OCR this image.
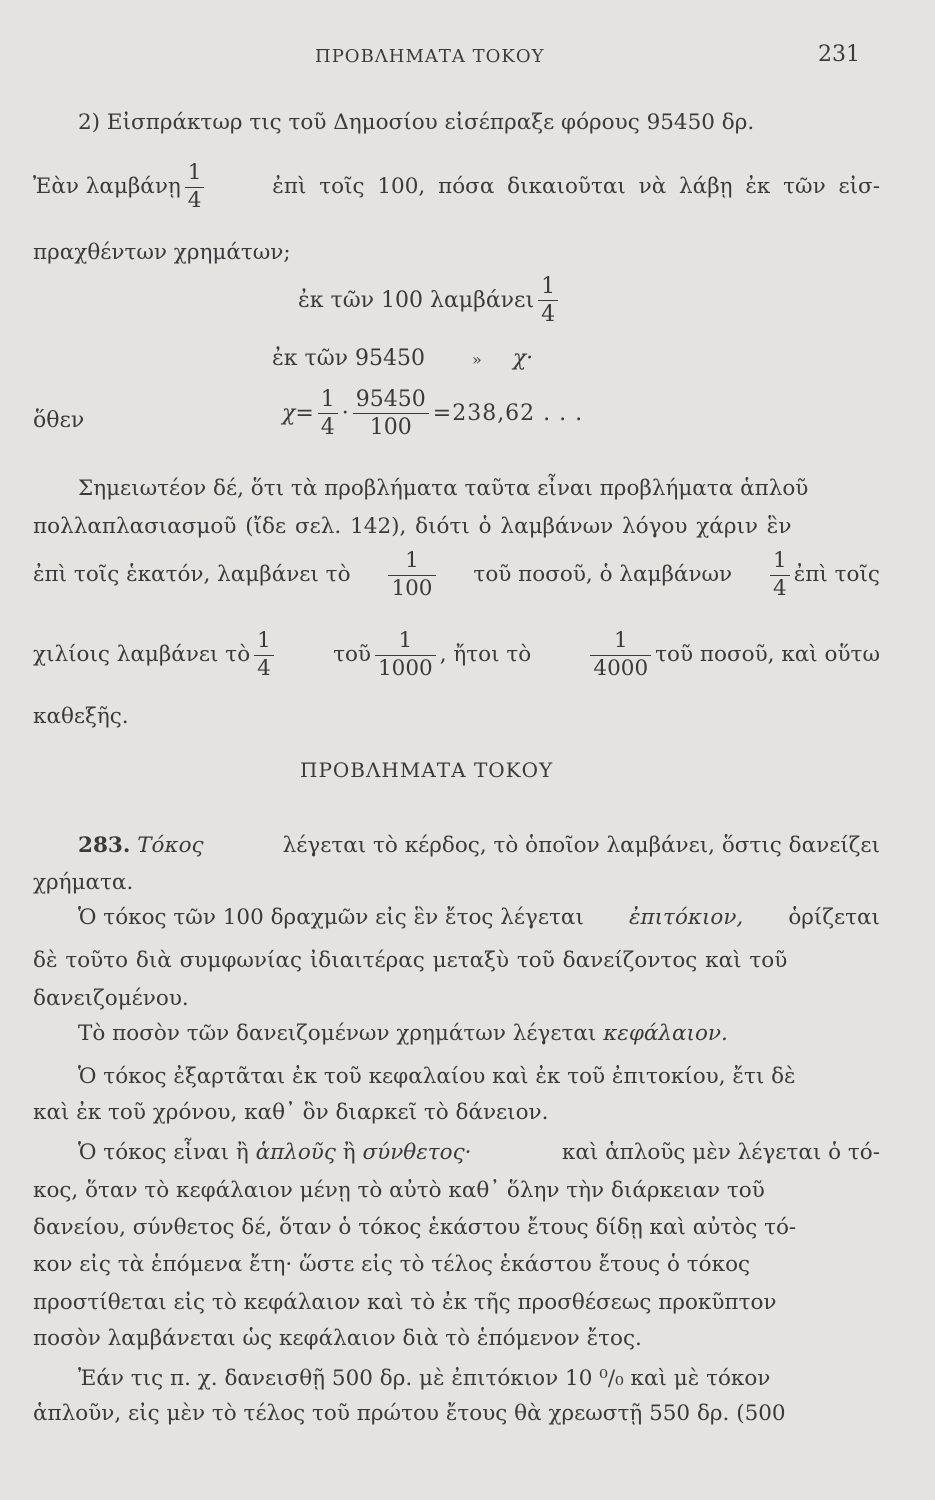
ΠΡΟΒΛΗΜΑΤΑ ΤΟΚΟΥ	231
2) Εἰσπράκτωρ τις τοῦ Δημοσίου εἰσέπραξε φόρους 95450 δρ.
Ἐὰν λαμβάνῃ $\frac{1}{4}$	ἐπὶ τοῖς 100, πόσα δικαιοῦται νὰ λάβῃ ἐκ τῶν εἰσ-
πραχθέντων χρημάτων;
ἐκ τῶν 100 λαμβάνει $\frac{1}{4}$
ἐκ τῶν 95450	» χ·
ὅθεν	$\chi= \frac{1}{4} \cdot \frac{95450}{100} =238,62$ . . .
Σημειωτέον δέ, ὅτι τὰ προβλήματα ταῦτα εἶναι προβλήματα ἁπλοῦ
πολλαπλασιασμοῦ (ἴδε σελ. 142), διότι ὁ λαμβάνων λόγου χάριν ἓν
ἐπὶ τοῖς ἑκατόν, λαμβάνει τὸ $\frac{1}{100}$ τοῦ ποσοῦ, ὁ λαμβάνων $\frac{1}{4}$ ἐπὶ τοῖς
χιλίοις λαμβάνει τὸ $\frac{1}{4}$	τοῦ $\frac{1}{1000}$ , ἤτοι τὸ	$\frac{1}{4000}$ τοῦ ποσοῦ, καὶ οὕτω
καθεξῆς.
ΠΡΟΒΛΗΜΑΤΑ ΤΟΚΟΥ
283. Τόκος	λέγεται τὸ κέρδος, τὸ ὁποῖον λαμβάνει, ὅστις δανείζει
χρήματα.
Ὁ τόκος τῶν 100 δραχμῶν εἰς ἓν ἔτος λέγεται ἐπιτόκιον, ὁρίζεται
δὲ τοῦτο διὰ συμφωνίας ἰδιαιτέρας μεταξὺ τοῦ δανείζοντος καὶ τοῦ
δανειζομένου.
Τὸ ποσὸν τῶν δανειζομένων χρημάτων λέγεται κεφάλαιον.
Ὁ τόκος ἐξαρτᾶται ἐκ τοῦ κεφαλαίου καὶ ἐκ τοῦ ἐπιτοκίου, ἔτι δὲ
καὶ ἐκ τοῦ χρόνου, καθ᾽ ὃν διαρκεῖ τὸ δάνειον.
Ὁ τόκος εἶναι ἢ ἁπλοῦς ἢ σύνθετος·	καὶ ἁπλοῦς μὲν λέγεται ὁ τό-
κος, ὅταν τὸ κεφάλαιον μένῃ τὸ αὐτὸ καθ᾽ ὅλην τὴν διάρκειαν τοῦ
δανείου, σύνθετος δέ, ὅταν ὁ τόκος ἑκάστου ἔτους δίδῃ καὶ αὐτὸς τό-
κον εἰς τὰ ἑπόμενα ἔτη· ὥστε εἰς τὸ τέλος ἑκάστου ἔτους ὁ τόκος
προστίθεται εἰς τὸ κεφάλαιον καὶ τὸ ἐκ τῆς προσθέσεως προκῦπτον
ποσὸν λαμβάνεται ὡς κεφάλαιον διὰ τὸ ἑπόμενον ἔτος.
Ἐάν τις π. χ. δανεισθῇ 500 δρ. μὲ ἐπιτόκιον 10 ⁰/₀ καὶ μὲ τόκον
ἁπλοῦν, εἰς μὲν τὸ τέλος τοῦ πρώτου ἔτους θὰ χρεωστῇ 550 δρ. (500
